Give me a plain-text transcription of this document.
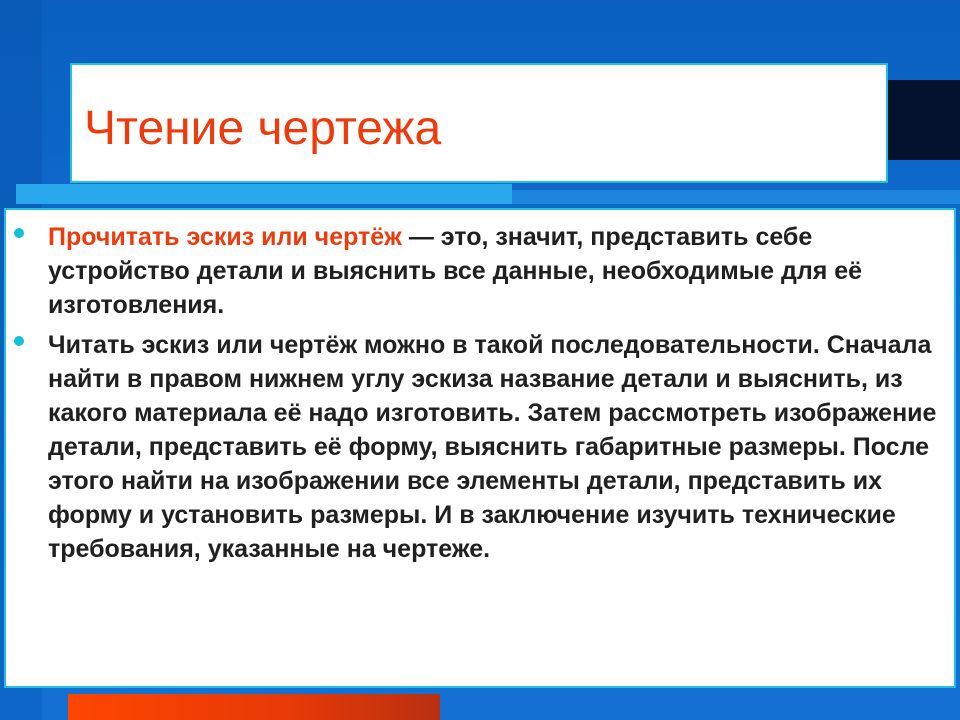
Чтение чертежа

Прочитать эскиз или чертёж — это, значит, представить себе устройство детали и выяснить все данные, необходимые для её изготовления.

Читать эскиз или чертёж можно в такой последовательности. Сначала найти в правом нижнем углу эскиза название детали и выяснить, из какого материала её надо изготовить. Затем рассмотреть изображение детали, представить её форму, выяснить габаритные размеры. После этого найти на изображении все элементы детали, представить их форму и установить размеры. И в заключение изучить технические требования, указанные на чертеже.
